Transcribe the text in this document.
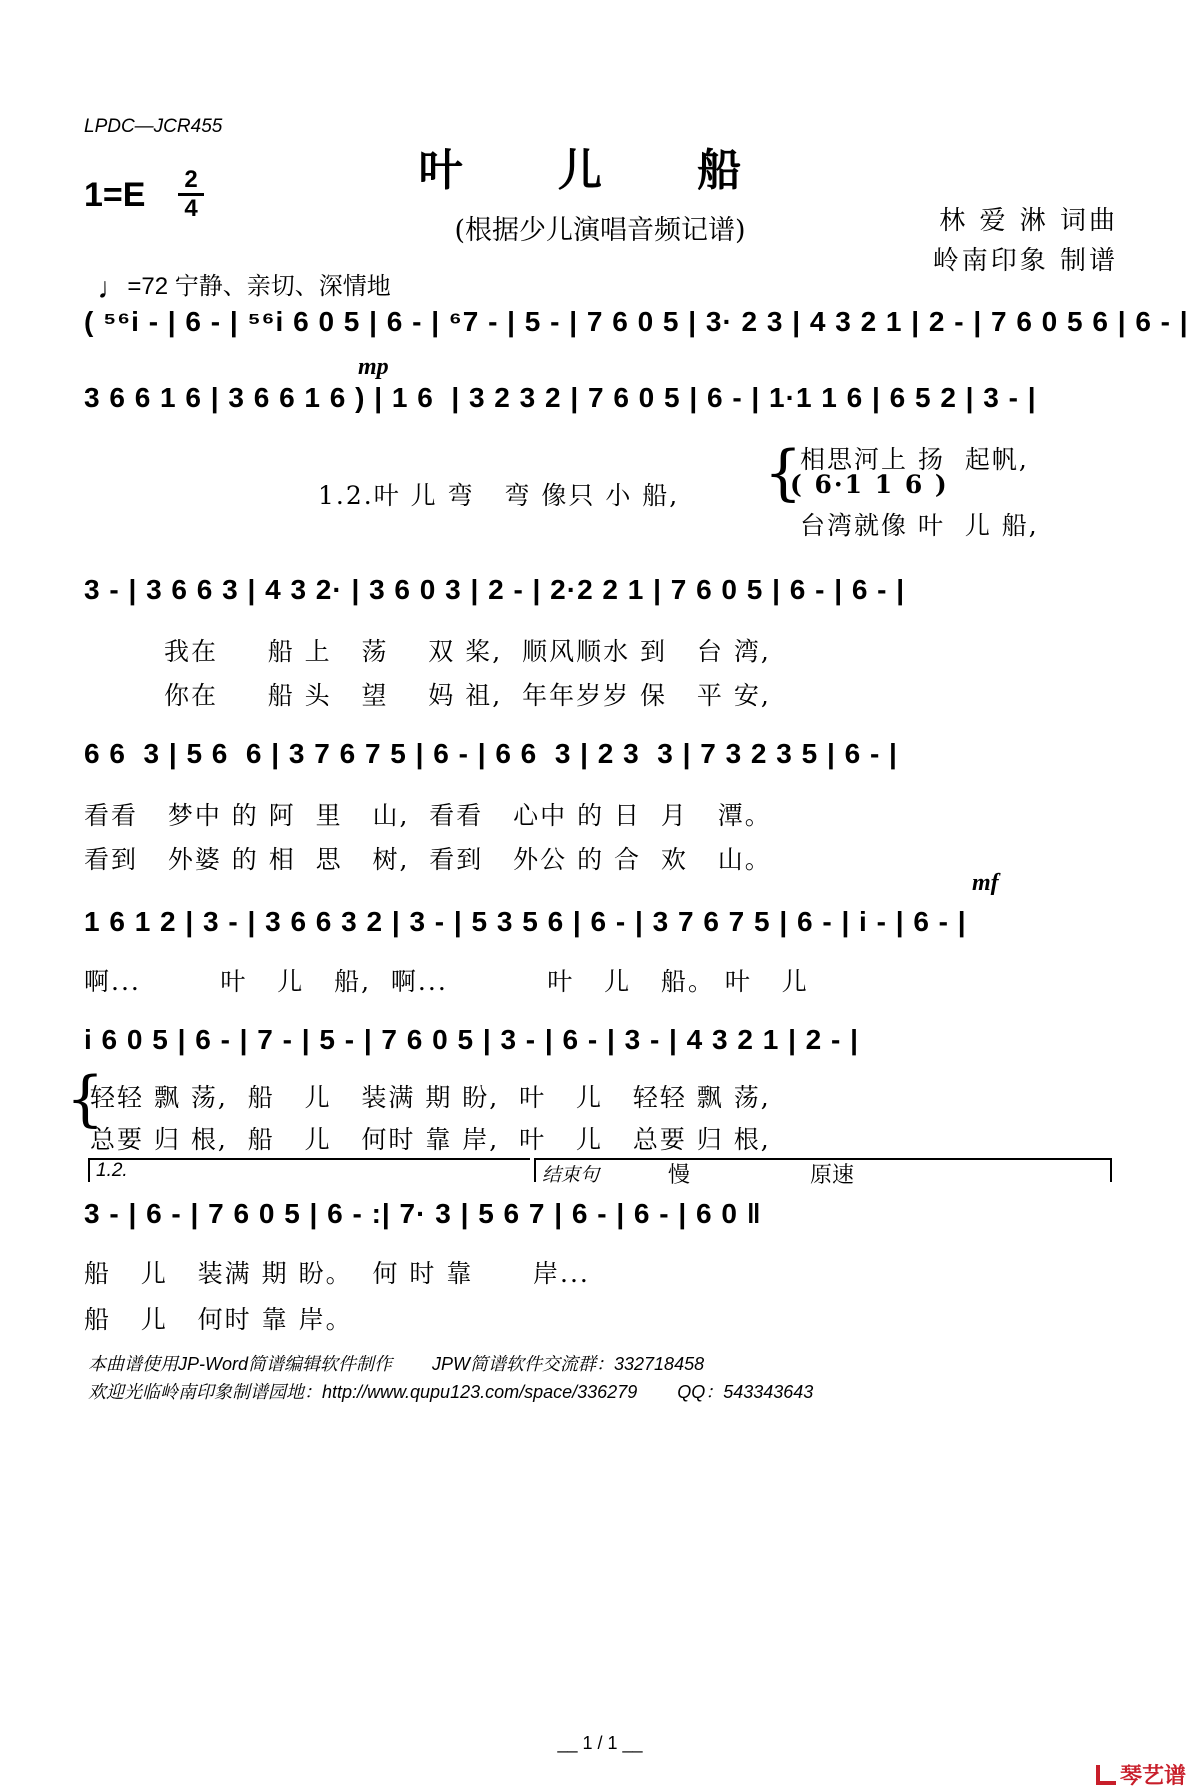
LPDC—JCR455
叶 儿 船
(根据少儿演唱音频记谱)
1=E	2
4

♩=72 宁静、亲切、深情地

林 爱 淋 词曲
岭南印象 制谱
( ⁵⁶i - | 6 - | ⁵⁶i 6 0 5 | 6 - | ⁶7 - | 5 - | 7 6 0 5 | 3· 2 3 | 4 3 2 1 | 2 - | 7 6 0 5 6 | 6 - |
mp
3 6 6 1 6 | 3 6 6 1 6 ) | 1 6  | 3 2 3 2 | 7 6 0 5 | 6 - | 1·1 1 6 | 6 5 2 | 3 - |
相思河上 扬  起帆,
1.2.叶 儿 弯   弯 像只 小 船, {
( 6·1 1 6 )
台湾就像 叶  儿 船,
3 - | 3 6 6 3 | 4 3 2· | 3 6 0 3 | 2 - | 2·2 2 1 | 7 6 0 5 | 6 - | 6 - |
我在     船 上   荡    双 桨,  顺风顺水 到   台 湾,
你在     船 头   望    妈 祖,  年年岁岁 保   平 安,
6 6  3 | 5 6  6 | 3 7 6 7 5 | 6 - | 6 6  3 | 2 3  3 | 7 3 2 3 5 | 6 - |
看看   梦中 的 阿  里   山,  看看   心中 的 日  月   潭。
看到   外婆 的 相  思   树,  看到   外公 的 合  欢   山。
mf
1 6 1 2 | 3 - | 3 6 6 3 2 | 3 - | 5 3 5 6 | 6 - | 3 7 6 7 5 | 6 - | i - | 6 - |
啊...        叶   儿   船,  啊...          叶   儿   船。 叶   儿
i 6 0 5 | 6 - | 7 - | 5 - | 7 6 0 5 | 3 - | 6 - | 3 - | 4 3 2 1 | 2 - |
{
轻轻 飘 荡,  船   儿   装满 期 盼,  叶   儿   轻轻 飘 荡,
总要 归 根,  船   儿   何时 靠 岸,  叶   儿   总要 归 根,
1.2.	结束句	慢	原速
3 - | 6 - | 7 6 0 5 | 6 - :| 7· 3 | 5 6 7 | 6 - | 6 - | 6 0 ‖
船   儿   装满 期 盼。  何 时 靠      岸...
船   儿   何时 靠 岸。
本曲谱使用JP-Word简谱编辑软件制作        JPW简谱软件交流群：332718458
欢迎光临岭南印象制谱园地：http://www.qupu123.com/space/336279        QQ：543343643
__ 1 / 1 __

琴艺谱
